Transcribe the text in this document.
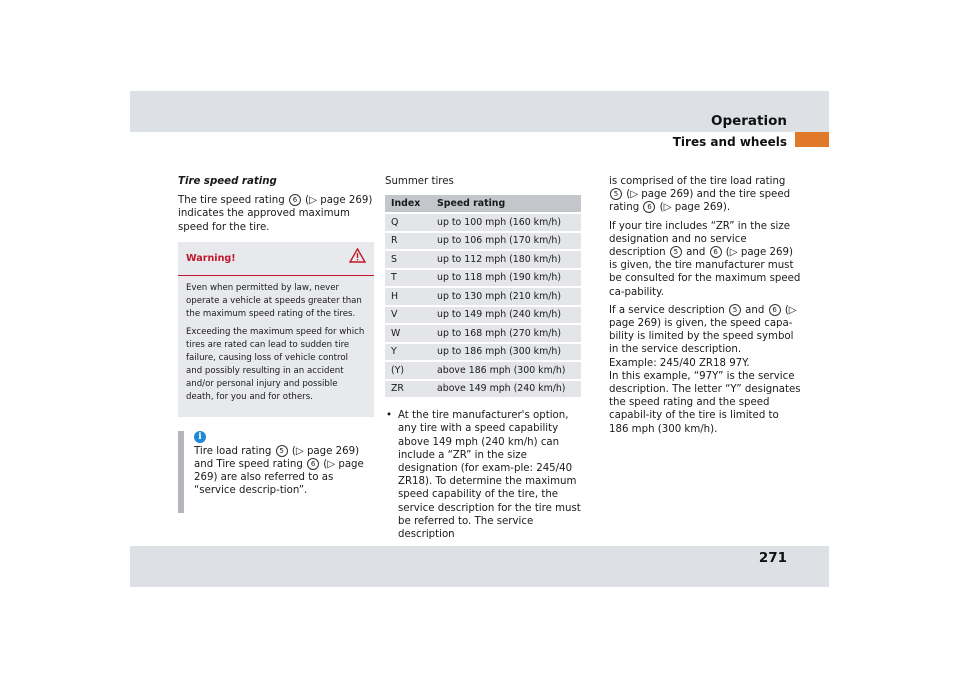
Operation
Tires and wheels
271

Tire speed rating

The tire speed rating 6 (▷ page 269) indicates the approved maximum speed for the tire.

Warning!

Even when permitted by law, never operate a vehicle at speeds greater than the maximum speed rating of the tires.

Exceeding the maximum speed for which tires are rated can lead to sudden tire failure, causing loss of vehicle control and possibly resulting in an accident and/or personal injury and possible death, for you and for others.

i
Tire load rating 5 (▷ page 269) and Tire speed rating 6 (▷ page 269) are also referred to as “service descrip-tion”.

Summer tires

Index	Speed rating
Q	up to 100 mph (160 km/h)
R	up to 106 mph (170 km/h)
S	up to 112 mph (180 km/h)
T	up to 118 mph (190 km/h)
H	up to 130 mph (210 km/h)
V	up to 149 mph (240 km/h)
W	up to 168 mph (270 km/h)
Y	up to 186 mph (300 km/h)
(Y)	above 186 mph (300 km/h)
ZR	above 149 mph (240 km/h)
• At the tire manufacturer's option, any tire with a speed capability above 149 mph (240 km/h) can include a “ZR” in the size designation (for exam-ple: 245/40 ZR18). To determine the maximum speed capability of the tire, the service description for the tire must be referred to. The service description

is comprised of the tire load rating 5 (▷ page 269) and the tire speed rating 6 (▷ page 269).

If your tire includes “ZR” in the size designation and no service description 5 and 6 (▷ page 269) is given, the tire manufacturer must be consulted for the maximum speed ca-pability.

If a service description 5 and 6 (▷ page 269) is given, the speed capa-bility is limited by the speed symbol in the service description.
Example: 245/40 ZR18 97Y.
In this example, “97Y” is the service description. The letter “Y” designates the speed rating and the speed capabil-ity of the tire is limited to 186 mph (300 km/h).
